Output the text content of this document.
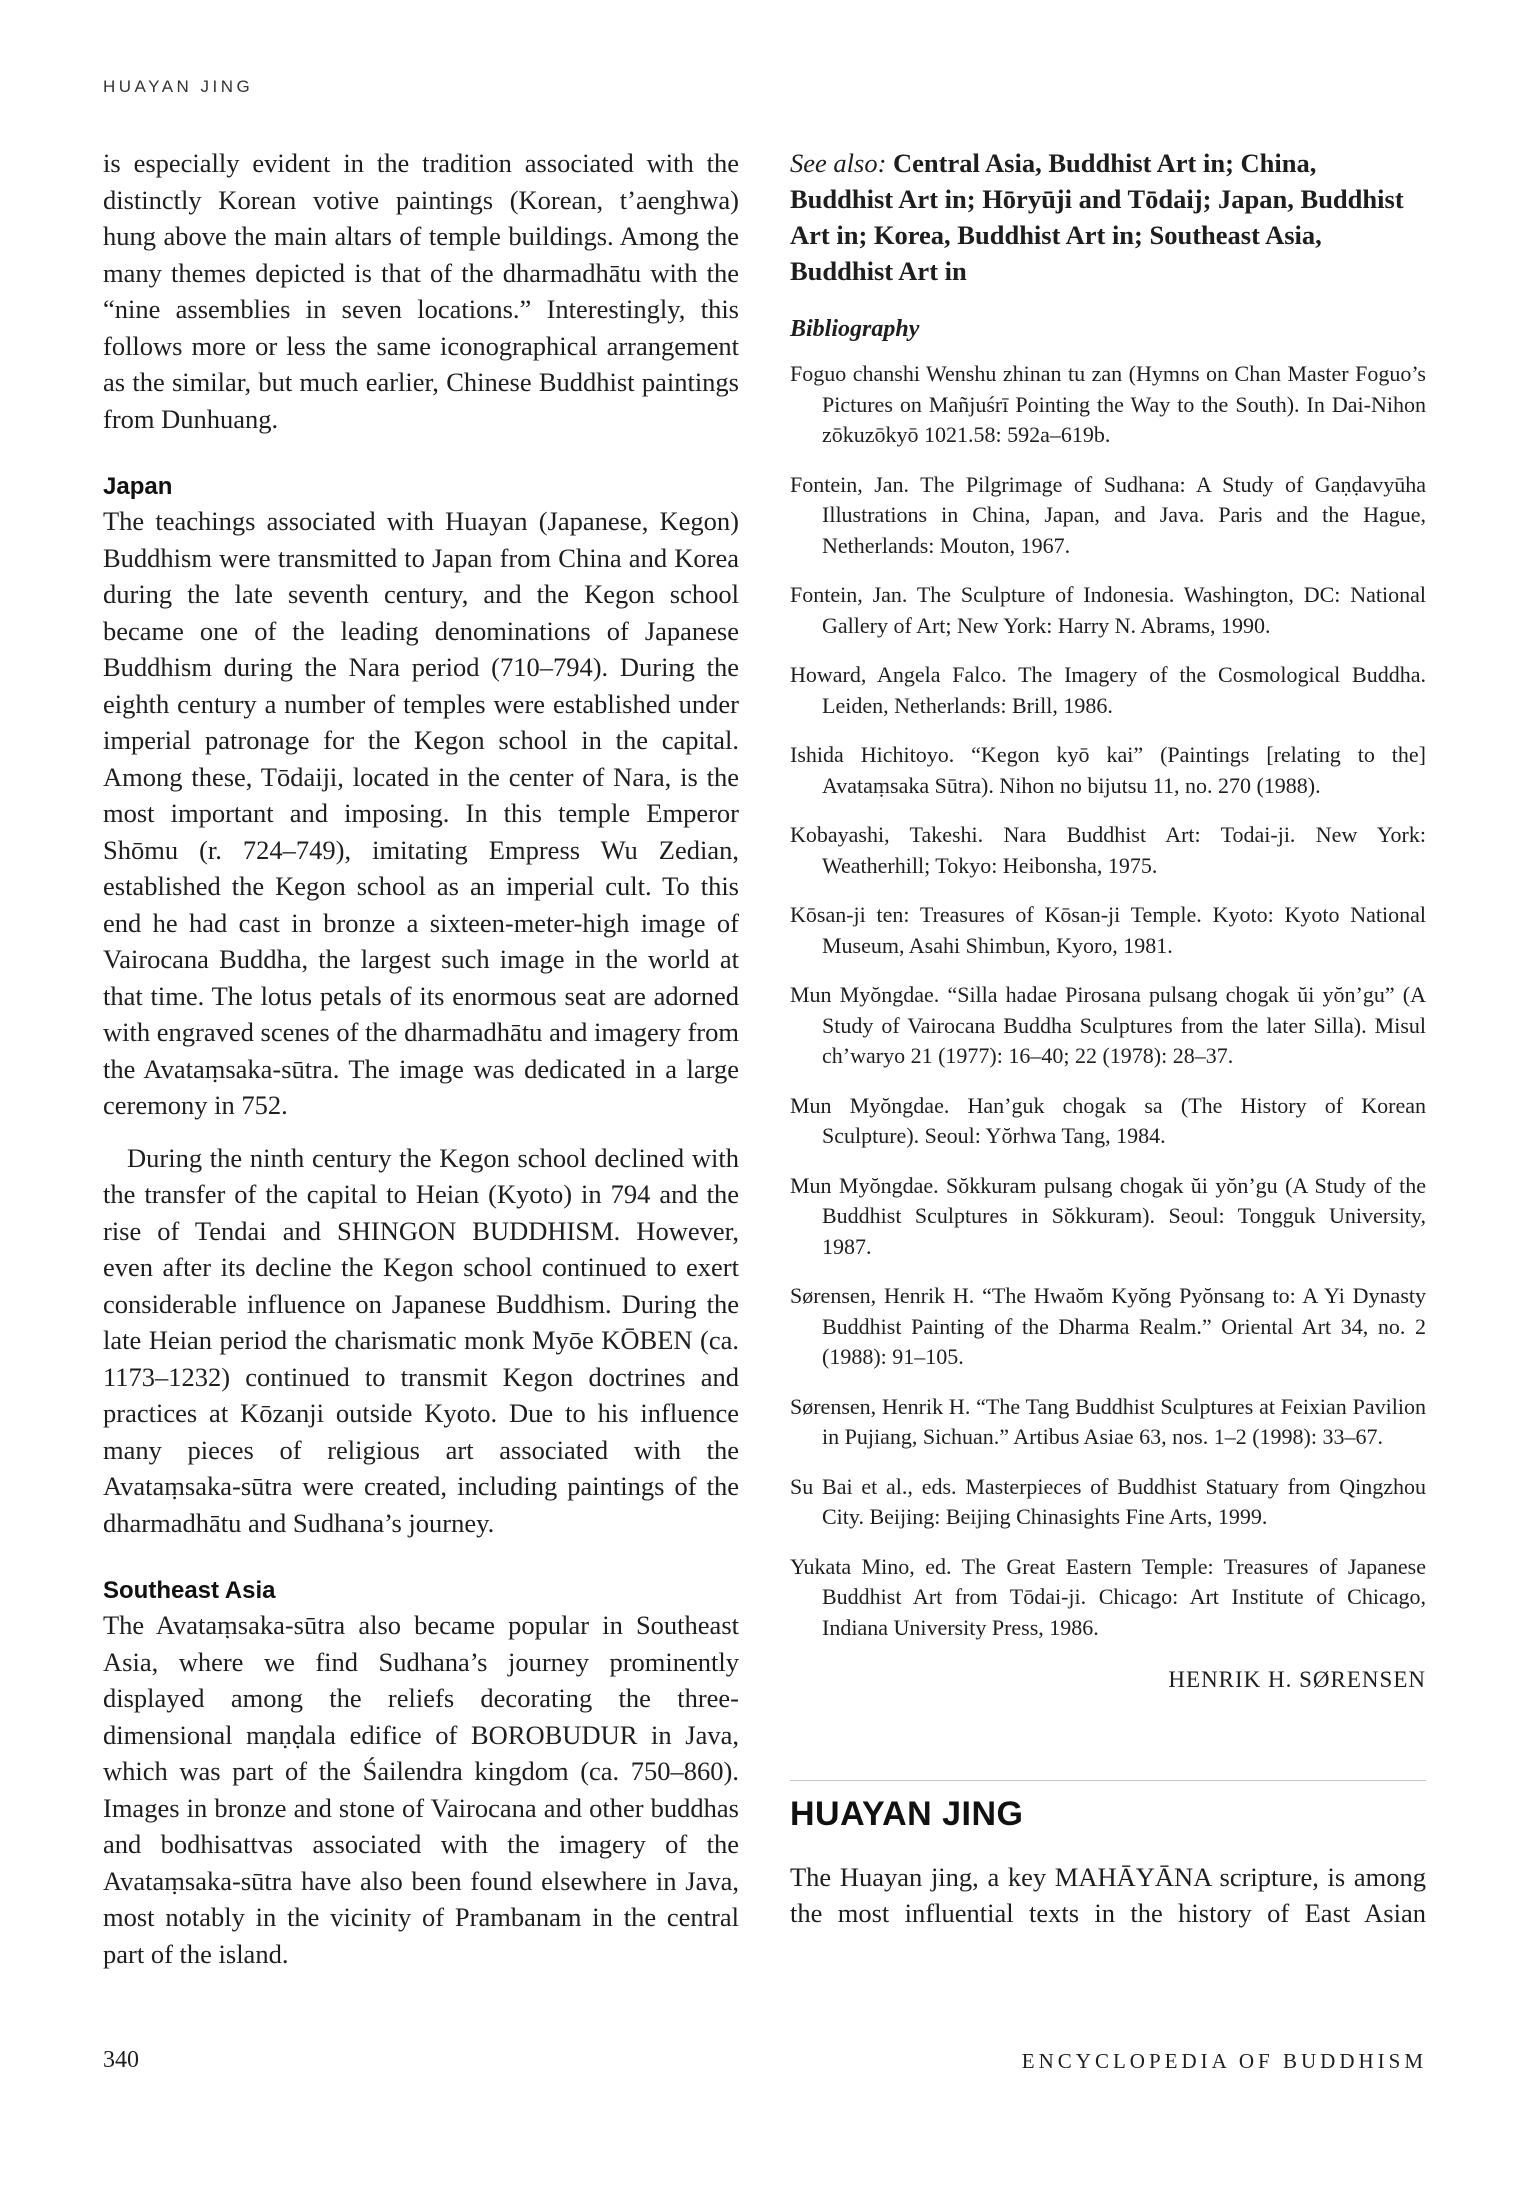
HUAYAN JING

is especially evident in the tradition associated with the distinctly Korean votive paintings (Korean, t’aenghwa) hung above the main altars of temple buildings. Among the many themes depicted is that of the dharmadhātu with the “nine assemblies in seven locations.” Interestingly, this follows more or less the same iconographical arrangement as the similar, but much earlier, Chinese Buddhist paintings from Dunhuang.

Japan

The teachings associated with Huayan (Japanese, Kegon) Buddhism were transmitted to Japan from China and Korea during the late seventh century, and the Kegon school became one of the leading denominations of Japanese Buddhism during the Nara period (710–794). During the eighth century a number of temples were established under imperial patronage for the Kegon school in the capital. Among these, Tōdaiji, located in the center of Nara, is the most important and imposing. In this temple Emperor Shōmu (r. 724–749), imitating Empress Wu Zedian, established the Kegon school as an imperial cult. To this end he had cast in bronze a sixteen-meter-high image of Vairocana Buddha, the largest such image in the world at that time. The lotus petals of its enormous seat are adorned with engraved scenes of the dharmadhātu and imagery from the Avataṃsaka-sūtra. The image was dedicated in a large ceremony in 752.

During the ninth century the Kegon school declined with the transfer of the capital to Heian (Kyoto) in 794 and the rise of Tendai and SHINGON BUDDHISM. However, even after its decline the Kegon school continued to exert considerable influence on Japanese Buddhism. During the late Heian period the charismatic monk Myōe KŌBEN (ca. 1173–1232) continued to transmit Kegon doctrines and practices at Kōzanji outside Kyoto. Due to his influence many pieces of religious art associated with the Avataṃsaka-sūtra were created, including paintings of the dharmadhātu and Sudhana’s journey.

Southeast Asia

The Avataṃsaka-sūtra also became popular in Southeast Asia, where we find Sudhana’s journey prominently displayed among the reliefs decorating the three-dimensional maṇḍala edifice of BOROBUDUR in Java, which was part of the Śailendra kingdom (ca. 750–860). Images in bronze and stone of Vairocana and other buddhas and bodhisattvas associated with the imagery of the Avataṃsaka-sūtra have also been found elsewhere in Java, most notably in the vicinity of Prambanam in the central part of the island.

See also: Central Asia, Buddhist Art in; China, Buddhist Art in; Hōryūji and Tōdaij; Japan, Buddhist Art in; Korea, Buddhist Art in; Southeast Asia, Buddhist Art in

Bibliography
Foguo chanshi Wenshu zhinan tu zan (Hymns on Chan Master Foguo’s Pictures on Mañjuśrī Pointing the Way to the South). In Dai-Nihon zōkuzōkyō 1021.58: 592a–619b.
Fontein, Jan. The Pilgrimage of Sudhana: A Study of Gaṇḍavyūha Illustrations in China, Japan, and Java. Paris and the Hague, Netherlands: Mouton, 1967.
Fontein, Jan. The Sculpture of Indonesia. Washington, DC: National Gallery of Art; New York: Harry N. Abrams, 1990.
Howard, Angela Falco. The Imagery of the Cosmological Buddha. Leiden, Netherlands: Brill, 1986.
Ishida Hichitoyo. “Kegon kyō kai” (Paintings [relating to the] Avataṃsaka Sūtra). Nihon no bijutsu 11, no. 270 (1988).
Kobayashi, Takeshi. Nara Buddhist Art: Todai-ji. New York: Weatherhill; Tokyo: Heibonsha, 1975.
Kōsan-ji ten: Treasures of Kōsan-ji Temple. Kyoto: Kyoto National Museum, Asahi Shimbun, Kyoro, 1981.
Mun Myŏngdae. “Silla hadae Pirosana pulsang chogak ŭi yŏn’gu” (A Study of Vairocana Buddha Sculptures from the later Silla). Misul ch’waryo 21 (1977): 16–40; 22 (1978): 28–37.
Mun Myŏngdae. Han’guk chogak sa (The History of Korean Sculpture). Seoul: Yŏrhwa Tang, 1984.
Mun Myŏngdae. Sŏkkuram pulsang chogak ŭi yŏn’gu (A Study of the Buddhist Sculptures in Sŏkkuram). Seoul: Tongguk University, 1987.
Sørensen, Henrik H. “The Hwaŏm Kyŏng Pyŏnsang to: A Yi Dynasty Buddhist Painting of the Dharma Realm.” Oriental Art 34, no. 2 (1988): 91–105.
Sørensen, Henrik H. “The Tang Buddhist Sculptures at Feixian Pavilion in Pujiang, Sichuan.” Artibus Asiae 63, nos. 1–2 (1998): 33–67.
Su Bai et al., eds. Masterpieces of Buddhist Statuary from Qingzhou City. Beijing: Beijing Chinasights Fine Arts, 1999.
Yukata Mino, ed. The Great Eastern Temple: Treasures of Japanese Buddhist Art from Tōdai-ji. Chicago: Art Institute of Chicago, Indiana University Press, 1986.
HENRIK H. SØRENSEN
HUAYAN JING

The Huayan jing, a key MAHĀYĀNA scripture, is among the most influential texts in the history of East Asian

340	ENCYCLOPEDIA OF BUDDHISM
